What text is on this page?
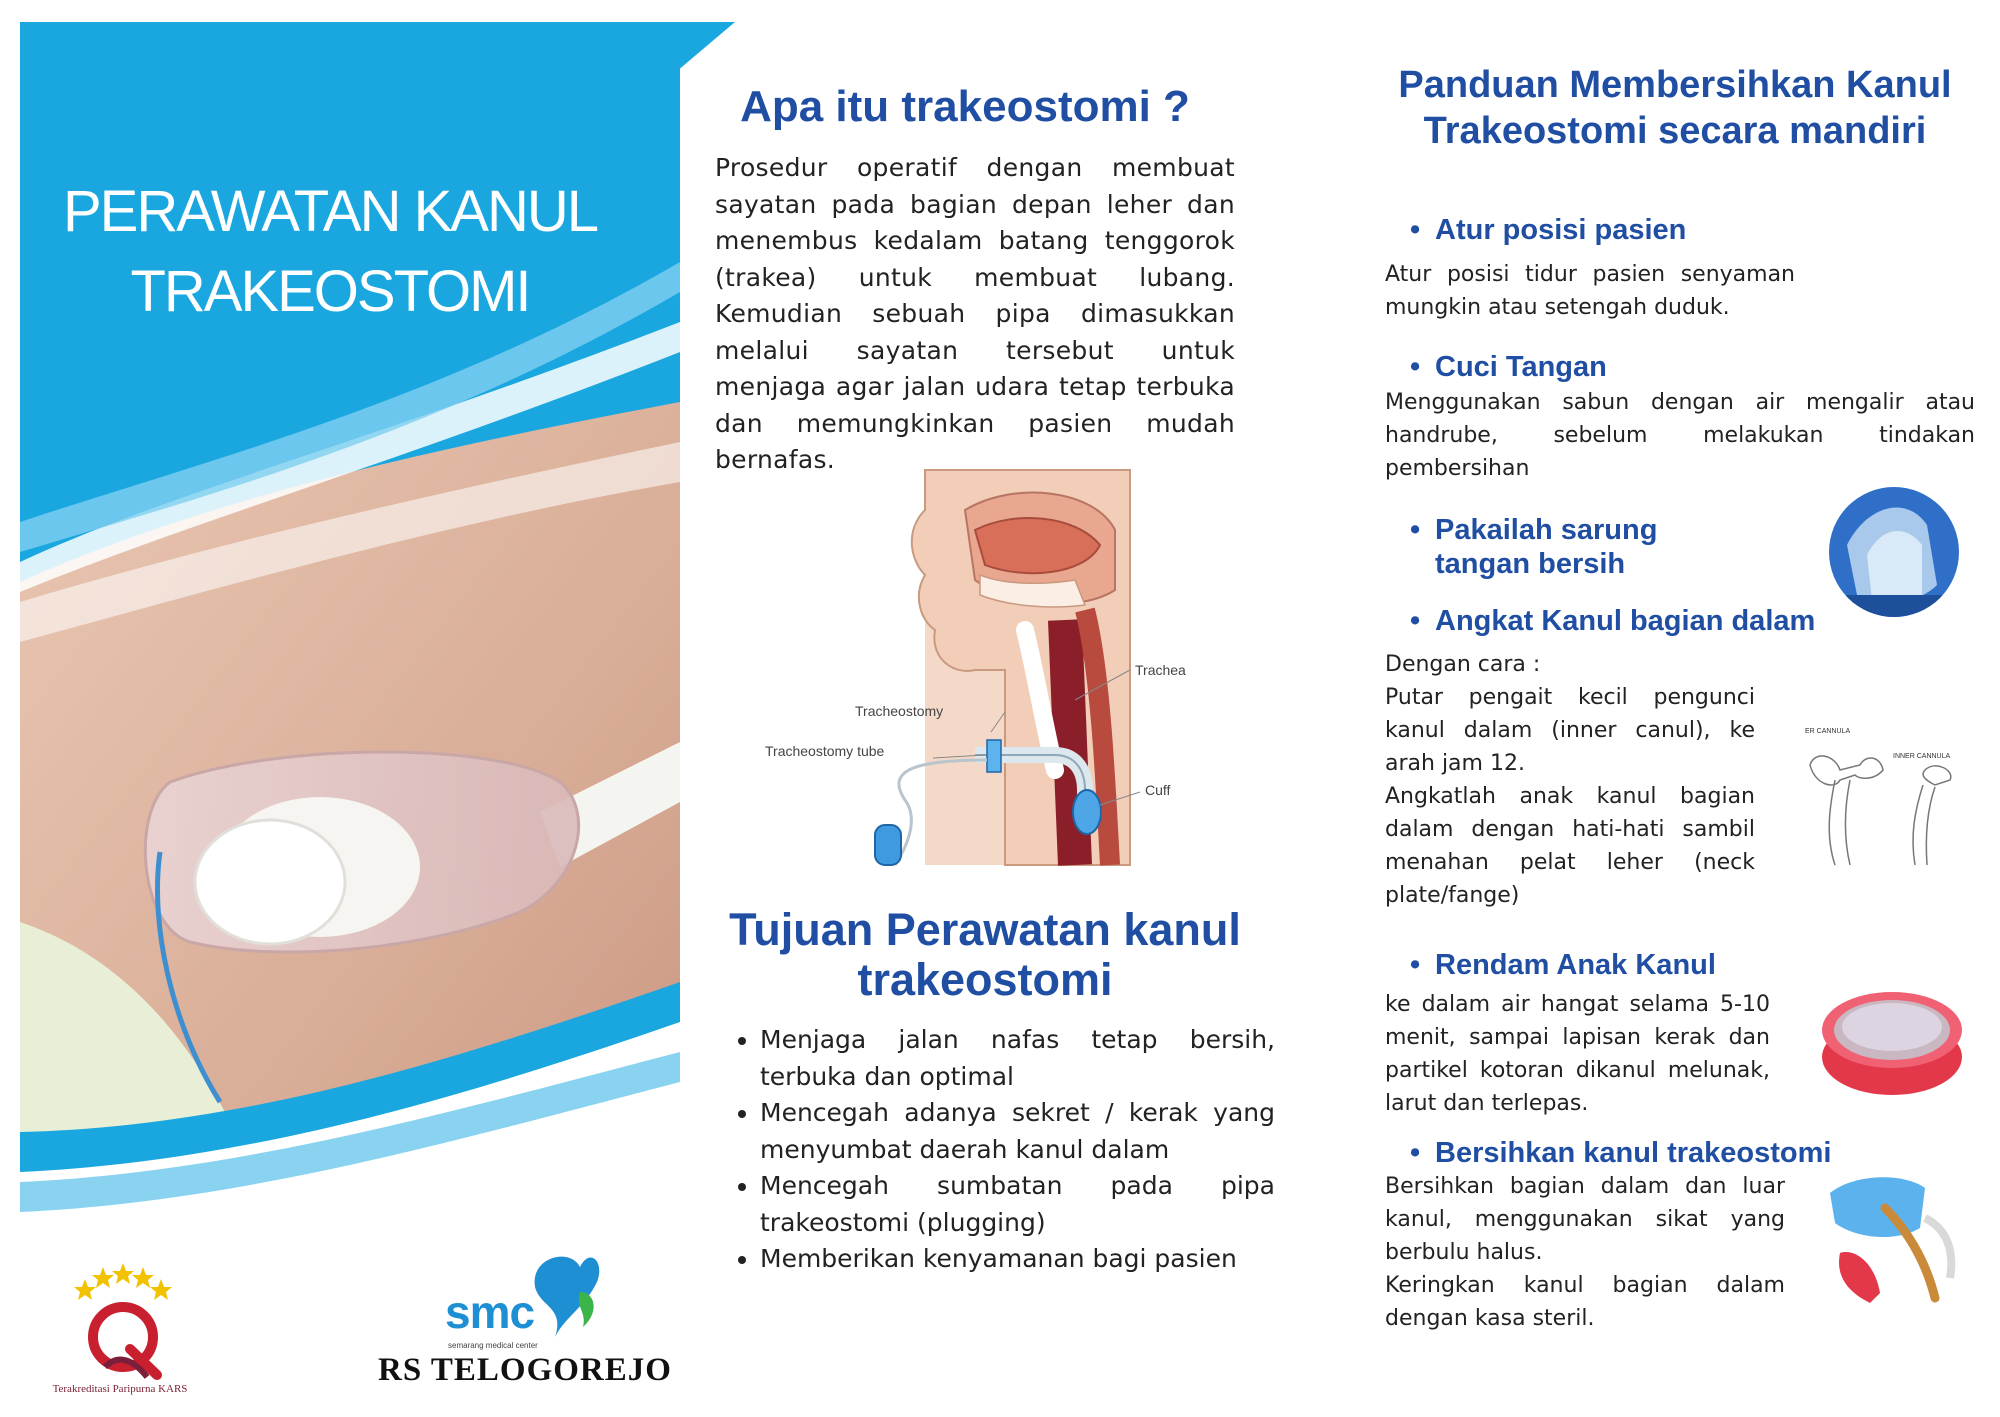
PERAWATAN KANUL
TRAKEOSTOMI
Terakreditasi Paripurna KARS
smc
semarang medical center
RS TELOGOREJO
Apa itu trakeostomi ?
Prosedur operatif dengan membuat sayatan pada bagian depan leher dan menembus kedalam batang tenggorok (trakea) untuk membuat lubang. Kemudian sebuah pipa dimasukkan melalui sayatan tersebut untuk menjaga agar jalan udara tetap terbuka dan memungkinkan pasien mudah bernafas.
Trachea
Tracheostomy
Tracheostomy tube
Cuff
Tujuan Perawatan kanul trakeostomi
• Menjaga jalan nafas tetap bersih, terbuka dan optimal
• Mencegah adanya sekret / kerak yang menyumbat daerah kanul dalam
• Mencegah sumbatan pada pipa trakeostomi (plugging)
• Memberikan kenyamanan bagi pasien
Panduan Membersihkan Kanul Trakeostomi secara mandiri
• Atur posisi pasien
Atur posisi tidur pasien senyaman mungkin atau setengah duduk.
• Cuci Tangan
Menggunakan sabun dengan air mengalir atau handrube, sebelum melakukan tindakan pembersihan
• Pakailah sarung tangan bersih
• Angkat Kanul bagian dalam
Dengan cara :
Putar pengait kecil pengunci kanul dalam (inner canul), ke arah jam 12.
Angkatlah anak kanul bagian dalam dengan hati-hati sambil menahan pelat leher (neck plate/fange)
ER CANNULA
INNER CANNULA
• Rendam Anak Kanul
ke dalam air hangat selama 5-10 menit, sampai lapisan kerak dan partikel kotoran dikanul melunak, larut dan terlepas.
• Bersihkan kanul trakeostomi
Bersihkan bagian dalam dan luar kanul, menggunakan sikat yang berbulu halus.
Keringkan kanul bagian dalam dengan kasa steril.
